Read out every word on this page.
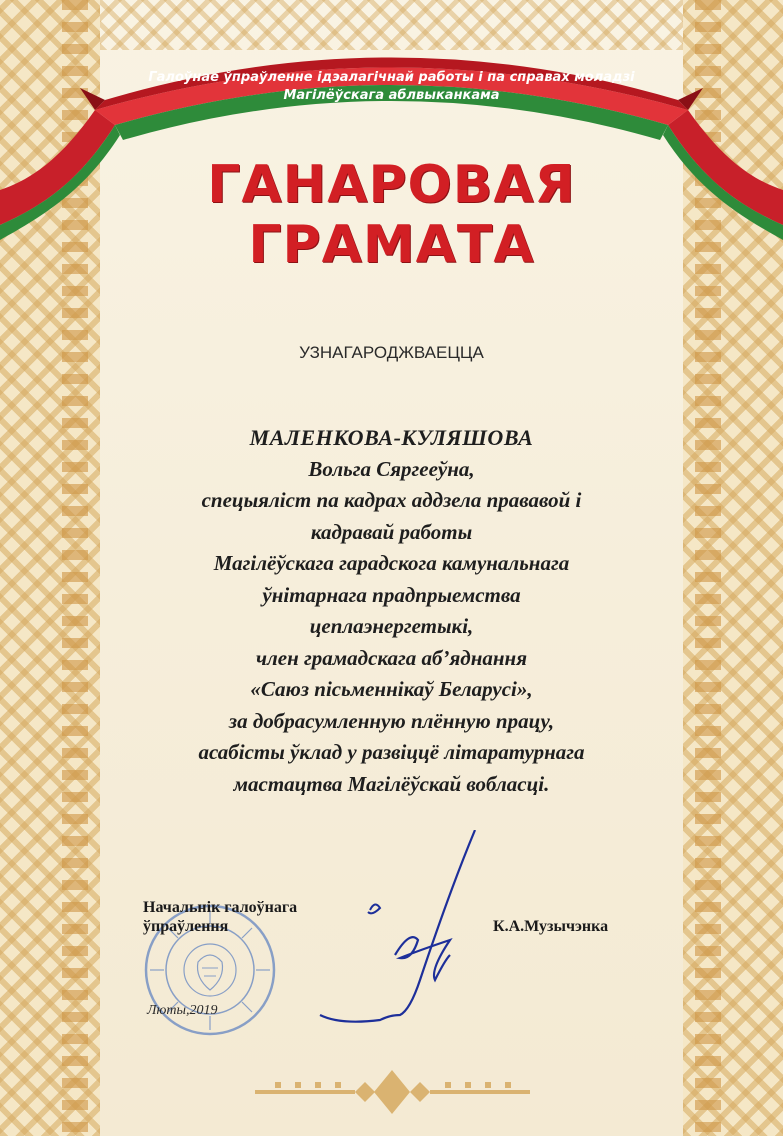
Галоўнае ўпраўленне ідэалагічнай работы і па справах моладзі
Магілёўскага аблвыканкама
ГАНАРОВАЯ
ГРАМАТА
УЗНАГАРОДЖВАЕЦЦА
МАЛЕНКОВА-КУЛЯШОВА
Вольга Сяргееўна,
спецыяліст па кадрах аддзела прававой і
кадравай работы
Магілёўскага гарадскога камунальнага
ўнітарнага прадпрыемства
цеплаэнергетыкі,
член грамадскага аб’яднання
«Саюз пісьменнікаў Беларусі»,
за добрасумленную плённую працу,
асабісты ўклад у развіццё літаратурнага
мастацтва Магілёўскай вобласці.
Начальнік галоўнага
ўпраўлення	К.А.Музычэнка
Люты,2019
